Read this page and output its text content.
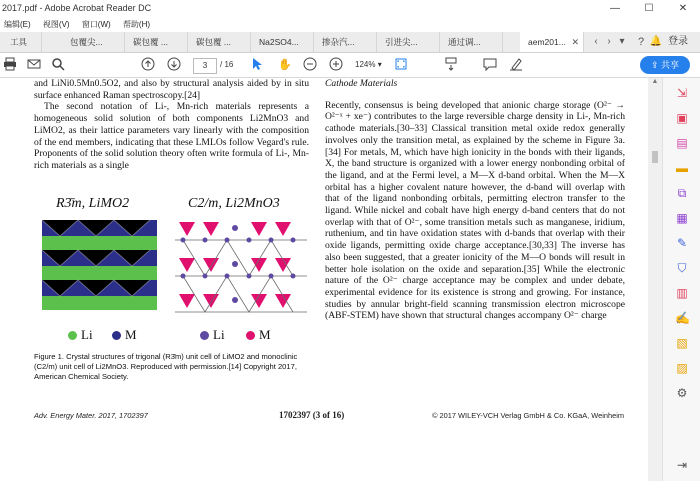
2017.pdf - Adobe Acrobat Reader DC	—	☐	✕
编辑(E) 视图(V) 窗口(W) 帮助(H)
工具	包覆尖...	碳包覆 ...	碳包覆 ...	Na2SO4...	掺杂汽...	引进尖...	通过调...	aem201... ✕	‹ › ▾	? 🔔 登录
3	/ 16	✋	124% ▾	⇪ 共享

and LiNi0.5Mn0.5O2, and also by structural analysis aided by in situ surface enhanced Raman spectroscopy.[24]

The second notation of Li-, Mn-rich materials represents a homogeneous solid solution of both components Li2MnO3 and LiMO2, as their lattice parameters vary linearly with the composition of the end members, indicating that these LMLOs follow Vegard's rule. Proponents of the solid solution theory often write formula of Li-, Mn-rich materials as a single

R3̄m, LiMO2	C2/m, Li2MnO3
Li M	Li	M
Figure 1. Crystal structures of trigonal (R3̄m) unit cell of LiMO2 and monoclinic (C2/m) unit cell of Li2MnO3. Reproduced with permission.[14] Copyright 2017, American Chemical Society.

Cathode Materials

Recently, consensus is being developed that anionic charge storage (O²⁻ → O²⁻ˣ + xe⁻) contributes to the large reversible charge density in Li-, Mn-rich cathode materials.[30–33] Classical transition metal oxide redox generally involves only the transition metal, as explained by the scheme in Figure 3a.[34] For metals, M, which have high ionicity in the bonds with their ligands, X, the band structure is organized with a lower energy nonbonding orbital of the ligand, and at the Fermi level, a M—X d-band orbital. When the M—X orbital has a higher covalent nature however, the d-band will overlap with that of the ligand nonbonding orbitals, permitting electron transfer to the ligand. While nickel and cobalt have high energy d-band centers that do not overlap with that of O²⁻, some transition metals such as manganese, iridium, ruthenium, and tin have oxidation states with d-bands that overlap with their oxide ligands, permitting oxide charge acceptance.[30,33] The inverse has also been suggested, that a greater ionicity of the M—O bonds will result in better hole isolation on the oxide and separation.[35] While the electronic nature of the O²⁻ charge acceptance may be complex and under debate, experimental evidence for its existence is strong and growing. For instance, studies by annular bright-field scanning transmission electron microscope (ABF-STEM) have shown that structural changes accompany O²⁻ charge

Adv. Energy Mater. 2017, 1702397	1702397 (3 of 16)	© 2017 WILEY-VCH Verlag GmbH & Co. KGaA, Weinheim
▲
⇲
▣
▤
▬
⧉
▦
✎
⛉
▥
✍
▧
▨
⚙
⇥
